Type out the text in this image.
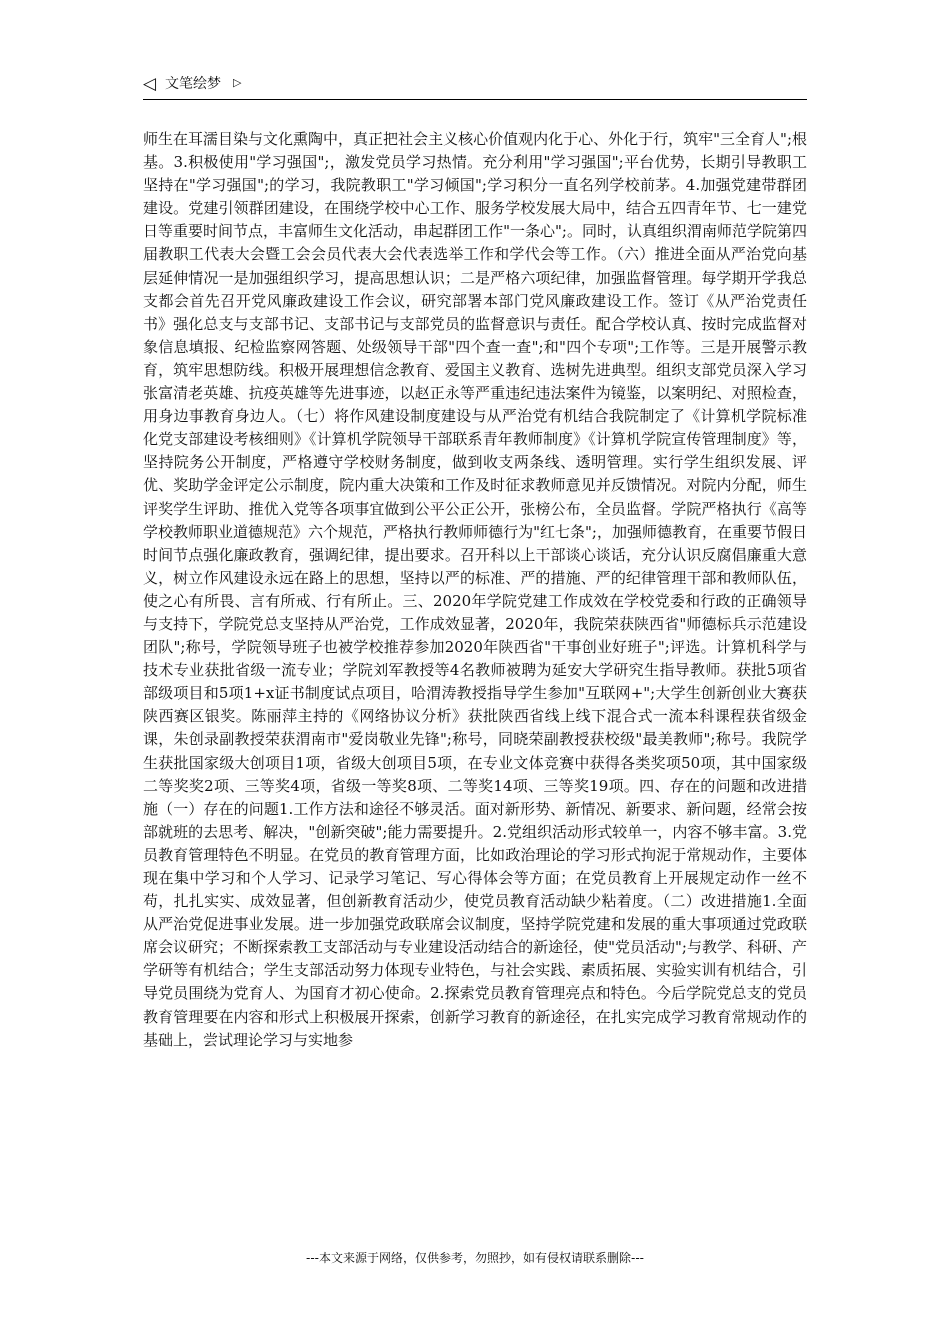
◁ 文笔绘梦 ▷

师生在耳濡目染与文化熏陶中，真正把社会主义核心价值观内化于心、外化于行，筑牢"三全育人";根基。3.积极使用"学习强国";，激发党员学习热情。充分利用"学习强国";平台优势，长期引导教职工坚持在"学习强国";的学习，我院教职工"学习倾国";学习积分一直名列学校前茅。4.加强党建带群团建设。党建引领群团建设，在围绕学校中心工作、服务学校发展大局中，结合五四青年节、七一建党日等重要时间节点，丰富师生文化活动，串起群团工作"一条心";。同时，认真组织渭南师范学院第四届教职工代表大会暨工会会员代表大会代表选举工作和学代会等工作。（六）推进全面从严治党向基层延伸情况一是加强组织学习，提高思想认识；二是严格六项纪律，加强监督管理。每学期开学我总支都会首先召开党风廉政建设工作会议，研究部署本部门党风廉政建设工作。签订《从严治党责任书》强化总支与支部书记、支部书记与支部党员的监督意识与责任。配合学校认真、按时完成监督对象信息填报、纪检监察网答题、处级领导干部"四个查一查";和"四个专项";工作等。三是开展警示教育，筑牢思想防线。积极开展理想信念教育、爱国主义教育、选树先进典型。组织支部党员深入学习张富清老英雄、抗疫英雄等先进事迹，以赵正永等严重违纪违法案件为镜鉴，以案明纪、对照检查，用身边事教育身边人。（七）将作风建设制度建设与从严治党有机结合我院制定了《计算机学院标准化党支部建设考核细则》《计算机学院领导干部联系青年教师制度》《计算机学院宣传管理制度》等，坚持院务公开制度，严格遵守学校财务制度，做到收支两条线、透明管理。实行学生组织发展、评优、奖助学金评定公示制度，院内重大决策和工作及时征求教师意见并反馈情况。对院内分配，师生评奖学生评助、推优入党等各项事宜做到公平公正公开，张榜公布，全员监督。学院严格执行《高等学校教师职业道德规范》六个规范，严格执行教师师德行为"红七条";，加强师德教育，在重要节假日时间节点强化廉政教育，强调纪律，提出要求。召开科以上干部谈心谈话，充分认识反腐倡廉重大意义，树立作风建设永远在路上的思想，坚持以严的标准、严的措施、严的纪律管理干部和教师队伍，使之心有所畏、言有所戒、行有所止。三、2020年学院党建工作成效在学校党委和行政的正确领导与支持下，学院党总支坚持从严治党，工作成效显著，2020年，我院荣获陕西省"师德标兵示范建设团队";称号，学院领导班子也被学校推荐参加2020年陕西省"干事创业好班子";评选。计算机科学与技术专业获批省级一流专业；学院刘军教授等4名教师被聘为延安大学研究生指导教师。获批5项省部级项目和5项1+x证书制度试点项目，哈渭涛教授指导学生参加"互联网+";大学生创新创业大赛获陕西赛区银奖。陈丽萍主持的《网络协议分析》获批陕西省线上线下混合式一流本科课程获省级金课，朱创录副教授荣获渭南市"爱岗敬业先锋";称号，同晓荣副教授获校级"最美教师";称号。我院学生获批国家级大创项目1项，省级大创项目5项，在专业文体竞赛中获得各类奖项50项，其中国家级二等奖奖2项、三等奖4项，省级一等奖8项、二等奖14项、三等奖19项。四、存在的问题和改进措施（一）存在的问题1.工作方法和途径不够灵活。面对新形势、新情况、新要求、新问题，经常会按部就班的去思考、解决，"创新突破";能力需要提升。2.党组织活动形式较单一，内容不够丰富。3.党员教育管理特色不明显。在党员的教育管理方面，比如政治理论的学习形式拘泥于常规动作，主要体现在集中学习和个人学习、记录学习笔记、写心得体会等方面；在党员教育上开展规定动作一丝不苟，扎扎实实、成效显著，但创新教育活动少，使党员教育活动缺少粘着度。（二）改进措施1.全面从严治党促进事业发展。进一步加强党政联席会议制度，坚持学院党建和发展的重大事项通过党政联席会议研究；不断探索教工支部活动与专业建设活动结合的新途径，使"党员活动";与教学、科研、产学研等有机结合；学生支部活动努力体现专业特色，与社会实践、素质拓展、实验实训有机结合，引导党员围绕为党育人、为国育才初心使命。2.探索党员教育管理亮点和特色。今后学院党总支的党员教育管理要在内容和形式上积极展开探索，创新学习教育的新途径，在扎实完成学习教育常规动作的基础上，尝试理论学习与实地参

---本文来源于网络，仅供参考，勿照抄，如有侵权请联系删除---
